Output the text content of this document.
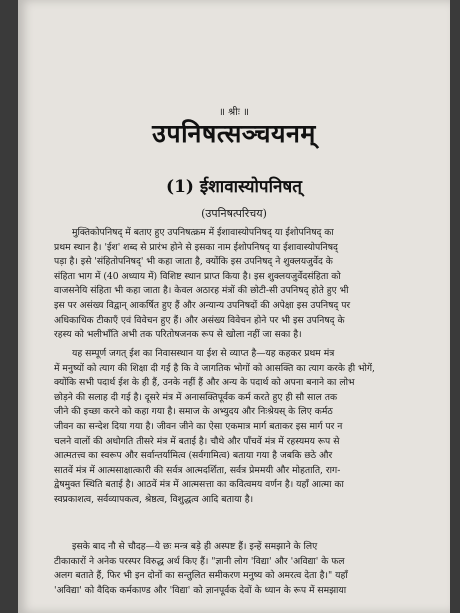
॥ श्रीः ॥
उपनिषत्सञ्चयनम्
(1) ईशावास्योपनिषत्
(उपनिषत्परिचय)
मुक्तिकोपनिषद् में बताए हुए उपनिषत्क्रम में ईशावास्योपनिषद् या ईशोपनिषद् का
प्रथम स्थान है। 'ईश' शब्द से प्रारंभ होने से इसका नाम ईशोपनिषद् या ईशावास्योपनिषद्
पड़ा है। इसे 'संहितोपनिषद्' भी कहा जाता है, क्योंकि इस उपनिषद् ने शुक्लयजुर्वेद के
संहिता भाग में (40 अध्याय में) विशिष्ट स्थान प्राप्त किया है। इस शुक्लयजुर्वेदसंहिता को
वाजसनेयि संहिता भी कहा जाता है। केवल अठारह मंत्रों की छोटी-सी उपनिषद् होते हुए भी
इस पर असंख्य विद्वान् आकर्षित हुए हैं और अन्यान्य उपनिषदों की अपेक्षा इस उपनिषद् पर
अधिकाधिक टीकाएँ एवं विवेचन हुए हैं। और असंख्य विवेचन होने पर भी इस उपनिषद् के
रहस्य को भलीभाँति अभी तक परितोषजनक रूप से खोला नहीं जा सका है।
यह सम्पूर्ण जगत् ईश का निवासस्थान या ईश से व्याप्त है—यह कहकर प्रथम मंत्र
में मनुष्यों को त्याग की शिक्षा दी गई है कि वे जागतिक भोगों को आसक्ति का त्याग करके ही भोगें,
क्योंकि सभी पदार्थ ईश के ही हैं, उनके नहीं हैं और अन्य के पदार्थ को अपना बनाने का लोभ
छोड़ने की सलाह दी गई है। दूसरे मंत्र में अनासक्तिपूर्वक कर्म करते हुए ही सौ साल तक
जीने की इच्छा करने को कहा गया है। समाज के अभ्युदय और निःश्रेयस् के लिए कर्मठ
जीवन का सन्देश दिया गया है। जीवन जीने का ऐसा एकमात्र मार्ग बताकर इस मार्ग पर न
चलने वालों की अधोगति तीसरे मंत्र में बताई है। चौथे और पाँचवें मंत्र में रहस्यमय रूप से
आत्मतत्त्व का स्वरूप और सर्वान्तर्यामित्व (सर्वगामित्व) बताया गया है जबकि छठे और
सातवें मंत्र में आत्मसाक्षात्कारी की सर्वत्र आत्मदर्शिता, सर्वत्र प्रेममयी और मोहताति, राग-
द्वेषमुक्त स्थिति बताई है। आठवें मंत्र में आत्मसत्ता का कवित्वमय वर्णन है। यहाँ आत्मा का
स्वप्रकाशत्व, सर्वव्यापकत्व, श्रेष्ठत्व, विशुद्धत्व आदि बताया है।
इसके बाद नौ से चौदह—ये छः मन्त्र बड़े ही अस्पष्ट हैं। इन्हें समझाने के लिए
टीकाकारों ने अनेक परस्पर विरुद्ध अर्थ किए हैं। "ज्ञानी लोग 'विद्या' और 'अविद्या' के फल
अलग बताते हैं, फिर भी इन दोनों का सन्तुलित समीकरण मनुष्य को अमरत्व देता है।" यहाँ
'अविद्या' को वैदिक कर्मकाण्ड और 'विद्या' को ज्ञानपूर्वक देवों के ध्यान के रूप में समझाया
